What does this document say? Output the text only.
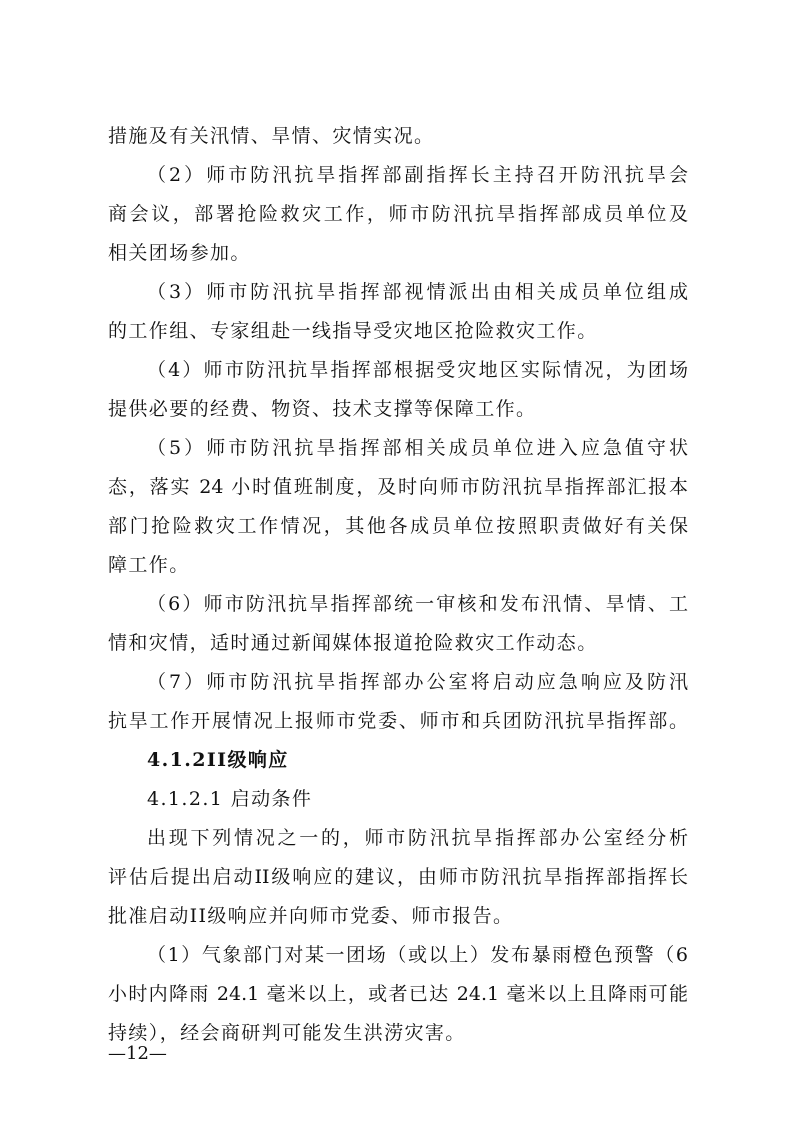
措施及有关汛情、旱情、灾情实况。
（2）师市防汛抗旱指挥部副指挥长主持召开防汛抗旱会
商会议，部署抢险救灾工作，师市防汛抗旱指挥部成员单位及
相关团场参加。
（3）师市防汛抗旱指挥部视情派出由相关成员单位组成
的工作组、专家组赴一线指导受灾地区抢险救灾工作。
（4）师市防汛抗旱指挥部根据受灾地区实际情况，为团场
提供必要的经费、物资、技术支撑等保障工作。
（5）师市防汛抗旱指挥部相关成员单位进入应急值守状
态，落实 24 小时值班制度，及时向师市防汛抗旱指挥部汇报本
部门抢险救灾工作情况，其他各成员单位按照职责做好有关保
障工作。
（6）师市防汛抗旱指挥部统一审核和发布汛情、旱情、工
情和灾情，适时通过新闻媒体报道抢险救灾工作动态。
（7）师市防汛抗旱指挥部办公室将启动应急响应及防汛
抗旱工作开展情况上报师市党委、师市和兵团防汛抗旱指挥部。
4.1.2II级响应
4.1.2.1 启动条件
出现下列情况之一的，师市防汛抗旱指挥部办公室经分析
评估后提出启动II级响应的建议，由师市防汛抗旱指挥部指挥长
批准启动II级响应并向师市党委、师市报告。
（1）气象部门对某一团场（或以上）发布暴雨橙色预警（6
小时内降雨 24.1 毫米以上，或者已达 24.1 毫米以上且降雨可能
持续），经会商研判可能发生洪涝灾害。
—12—
